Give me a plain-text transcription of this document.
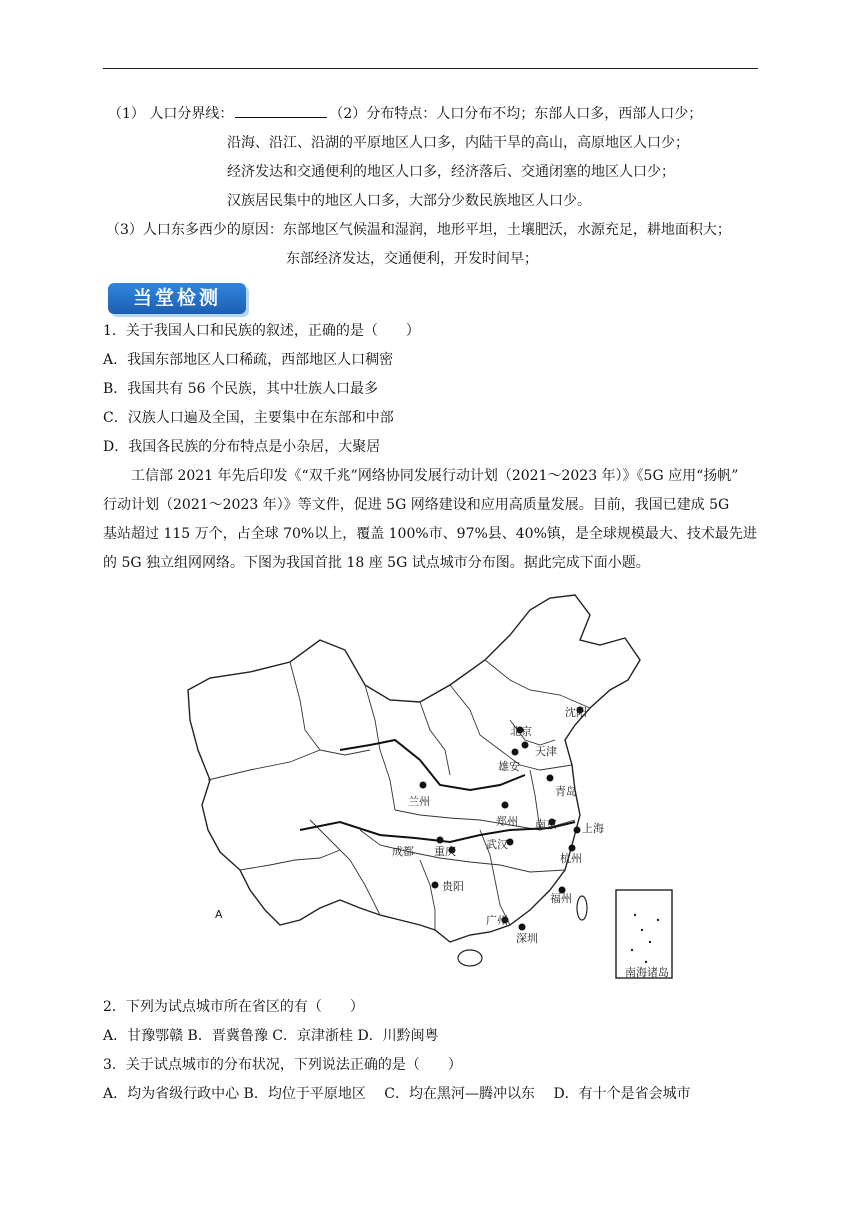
（1） 人口分界线：	（2）分布特点：人口分布不均；东部人口多，西部人口少；
沿海、沿江、沿湖的平原地区人口多，内陆干旱的高山，高原地区人口少；
经济发达和交通便利的地区人口多，经济落后、交通闭塞的地区人口少；
汉族居民集中的地区人口多，大部分少数民族地区人口少。
（3）人口东多西少的原因：东部地区气候温和湿润，地形平坦，土壤肥沃，水源充足，耕地面积大；
东部经济发达，交通便利，开发时间早；
当堂检测
1．关于我国人口和民族的叙述，正确的是（　　）
A．我国东部地区人口稀疏，西部地区人口稠密
B．我国共有 56 个民族，其中壮族人口最多
C．汉族人口遍及全国，主要集中在东部和中部
D．我国各民族的分布特点是小杂居，大聚居
工信部 2021 年先后印发《“双千兆”网络协同发展行动计划（2021～2023 年）》《5G 应用“扬帆”
行动计划（2021～2023 年）》等文件，促进 5G 网络建设和应用高质量发展。目前，我国已建成 5G
基站超过 115 万个，占全球 70%以上，覆盖 100%市、97%县、40%镇，是全球规模最大、技术最先进
的 5G 独立组网网络。下图为我国首批 18 座 5G 试点城市分布图。据此完成下面小题。
南海诸岛
A
沈阳
北京
天津
雄安
青岛
兰州
郑州 南京 上海
武汉
成都 重庆
杭州
贵阳
福州
广州
深圳
2．下列为试点城市所在省区的有（　　）
A．甘豫鄂赣 B．晋冀鲁豫 C．京津浙桂 D．川黔闽粤
3．关于试点城市的分布状况，下列说法正确的是（　　）
A．均为省级行政中心 B．均位于平原地区　 C．均在黑河—腾冲以东　 D．有十个是省会城市
